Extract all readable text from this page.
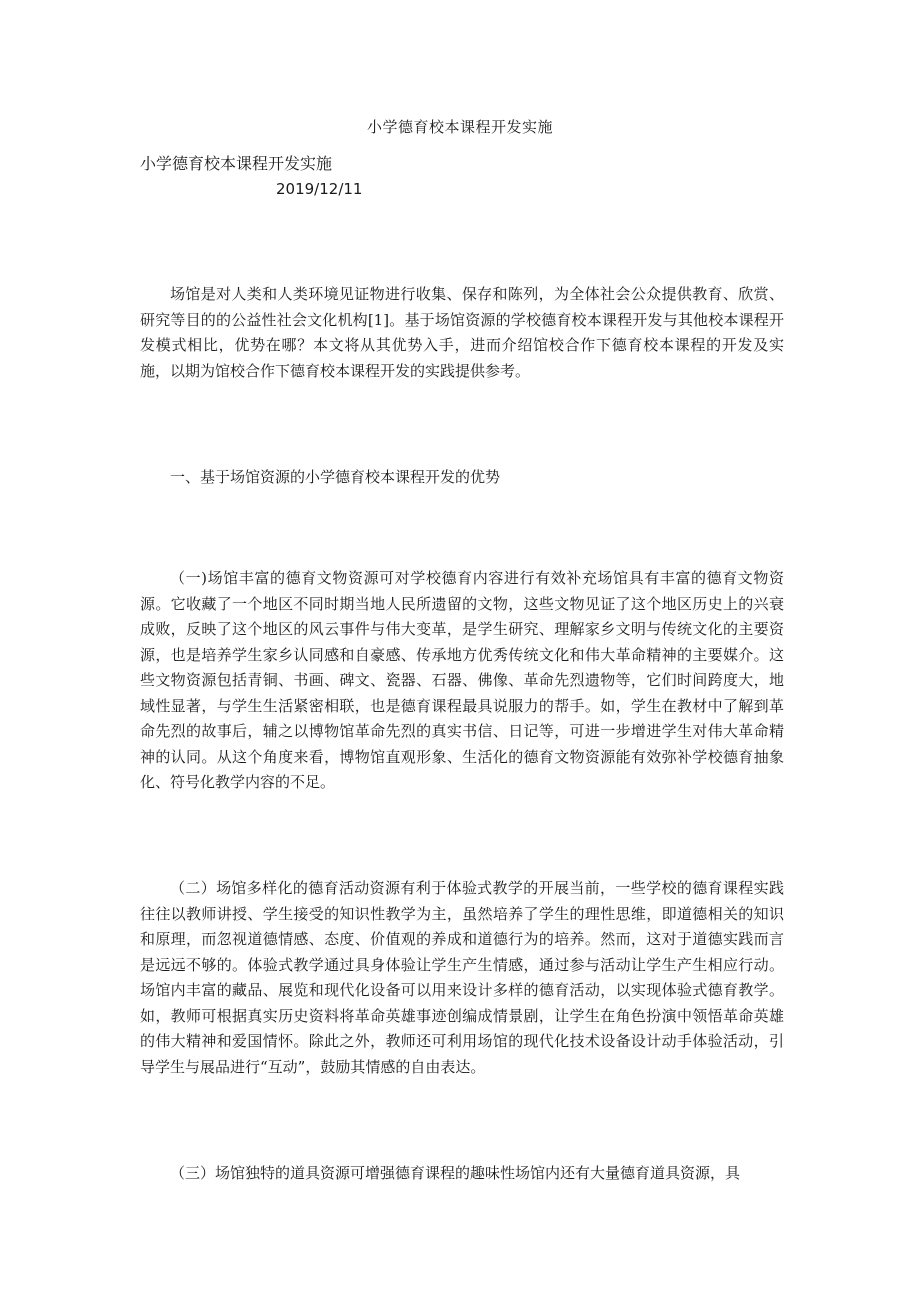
小学德育校本课程开发实施
小学德育校本课程开发实施
2019/12/11

场馆是对人类和人类环境见证物进行收集、保存和陈列，为全体社会公众提供教育、欣赏、研究等目的的公益性社会文化机构[1]。基于场馆资源的学校德育校本课程开发与其他校本课程开发模式相比，优势在哪？本文将从其优势入手，进而介绍馆校合作下德育校本课程的开发及实施，以期为馆校合作下德育校本课程开发的实践提供参考。

一、基于场馆资源的小学德育校本课程开发的优势

（一)场馆丰富的德育文物资源可对学校德育内容进行有效补充场馆具有丰富的德育文物资源。它收藏了一个地区不同时期当地人民所遗留的文物，这些文物见证了这个地区历史上的兴衰成败，反映了这个地区的风云事件与伟大变革，是学生研究、理解家乡文明与传统文化的主要资源，也是培养学生家乡认同感和自豪感、传承地方优秀传统文化和伟大革命精神的主要媒介。这些文物资源包括青铜、书画、碑文、瓷器、石器、佛像、革命先烈遗物等，它们时间跨度大，地域性显著，与学生生活紧密相联，也是德育课程最具说服力的帮手。如，学生在教材中了解到革命先烈的故事后，辅之以博物馆革命先烈的真实书信、日记等，可进一步增进学生对伟大革命精神的认同。从这个角度来看，博物馆直观形象、生活化的德育文物资源能有效弥补学校德育抽象化、符号化教学内容的不足。

（二）场馆多样化的德育活动资源有利于体验式教学的开展当前，一些学校的德育课程实践往往以教师讲授、学生接受的知识性教学为主，虽然培养了学生的理性思维，即道德相关的知识和原理，而忽视道德情感、态度、价值观的养成和道德行为的培养。然而，这对于道德实践而言是远远不够的。体验式教学通过具身体验让学生产生情感，通过参与活动让学生产生相应行动。场馆内丰富的藏品、展览和现代化设备可以用来设计多样的德育活动，以实现体验式德育教学。如，教师可根据真实历史资料将革命英雄事迹创编成情景剧，让学生在角色扮演中领悟革命英雄的伟大精神和爱国情怀。除此之外，教师还可利用场馆的现代化技术设备设计动手体验活动，引导学生与展品进行“互动”，鼓励其情感的自由表达。

（三）场馆独特的道具资源可增强德育课程的趣味性场馆内还有大量德育道具资源，具
